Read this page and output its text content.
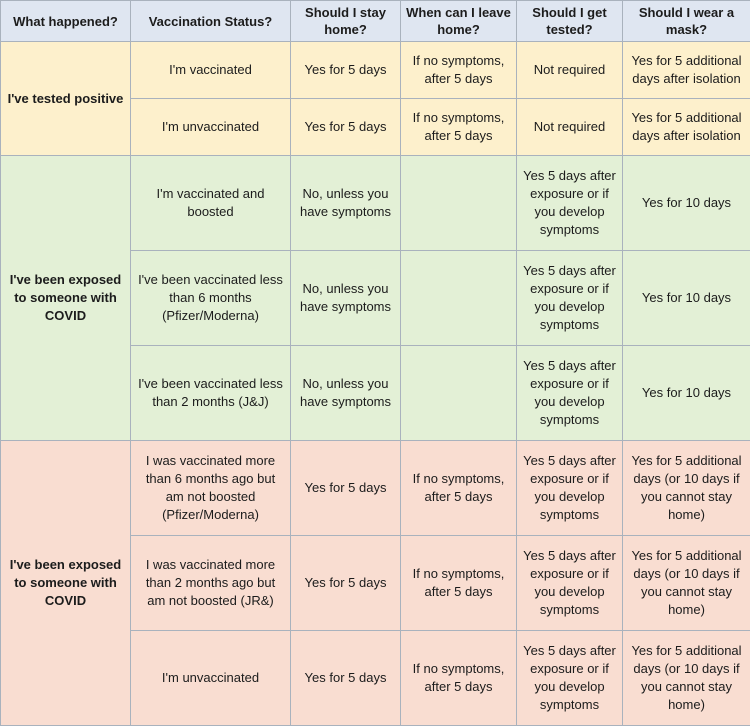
What happened?	Vaccination Status?	Should I stay home?	When can I leave home?	Should I get tested?	Should I wear a mask?
I've tested positive	I'm vaccinated	Yes for 5 days	If no symptoms, after 5 days	Not required	Yes for 5 additional days after isolation
	I'm unvaccinated	Yes for 5 days	If no symptoms, after 5 days	Not required	Yes for 5 additional days after isolation
I've been exposed to someone with COVID	I'm vaccinated and boosted	No, unless you have symptoms		Yes 5 days after exposure or if you develop symptoms	Yes for 10 days
	I've been vaccinated less than 6 months (Pfizer/Moderna)	No, unless you have symptoms		Yes 5 days after exposure or if you develop symptoms	Yes for 10 days
	I've been vaccinated less than 2 months (J&J)	No, unless you have symptoms		Yes 5 days after exposure or if you develop symptoms	Yes for 10 days
I've been exposed to someone with COVID	I was vaccinated more than 6 months ago but am not boosted (Pfizer/Moderna)	Yes for 5 days	If no symptoms, after 5 days	Yes 5 days after exposure or if you develop symptoms	Yes for 5 additional days (or 10 days if you cannot stay home)
	I was vaccinated more than 2 months ago but am not boosted (JR&)	Yes for 5 days	If no symptoms, after 5 days	Yes 5 days after exposure or if you develop symptoms	Yes for 5 additional days (or 10 days if you cannot stay home)
	I'm unvaccinated	Yes for 5 days	If no symptoms, after 5 days	Yes 5 days after exposure or if you develop symptoms	Yes for 5 additional days (or 10 days if you cannot stay home)
